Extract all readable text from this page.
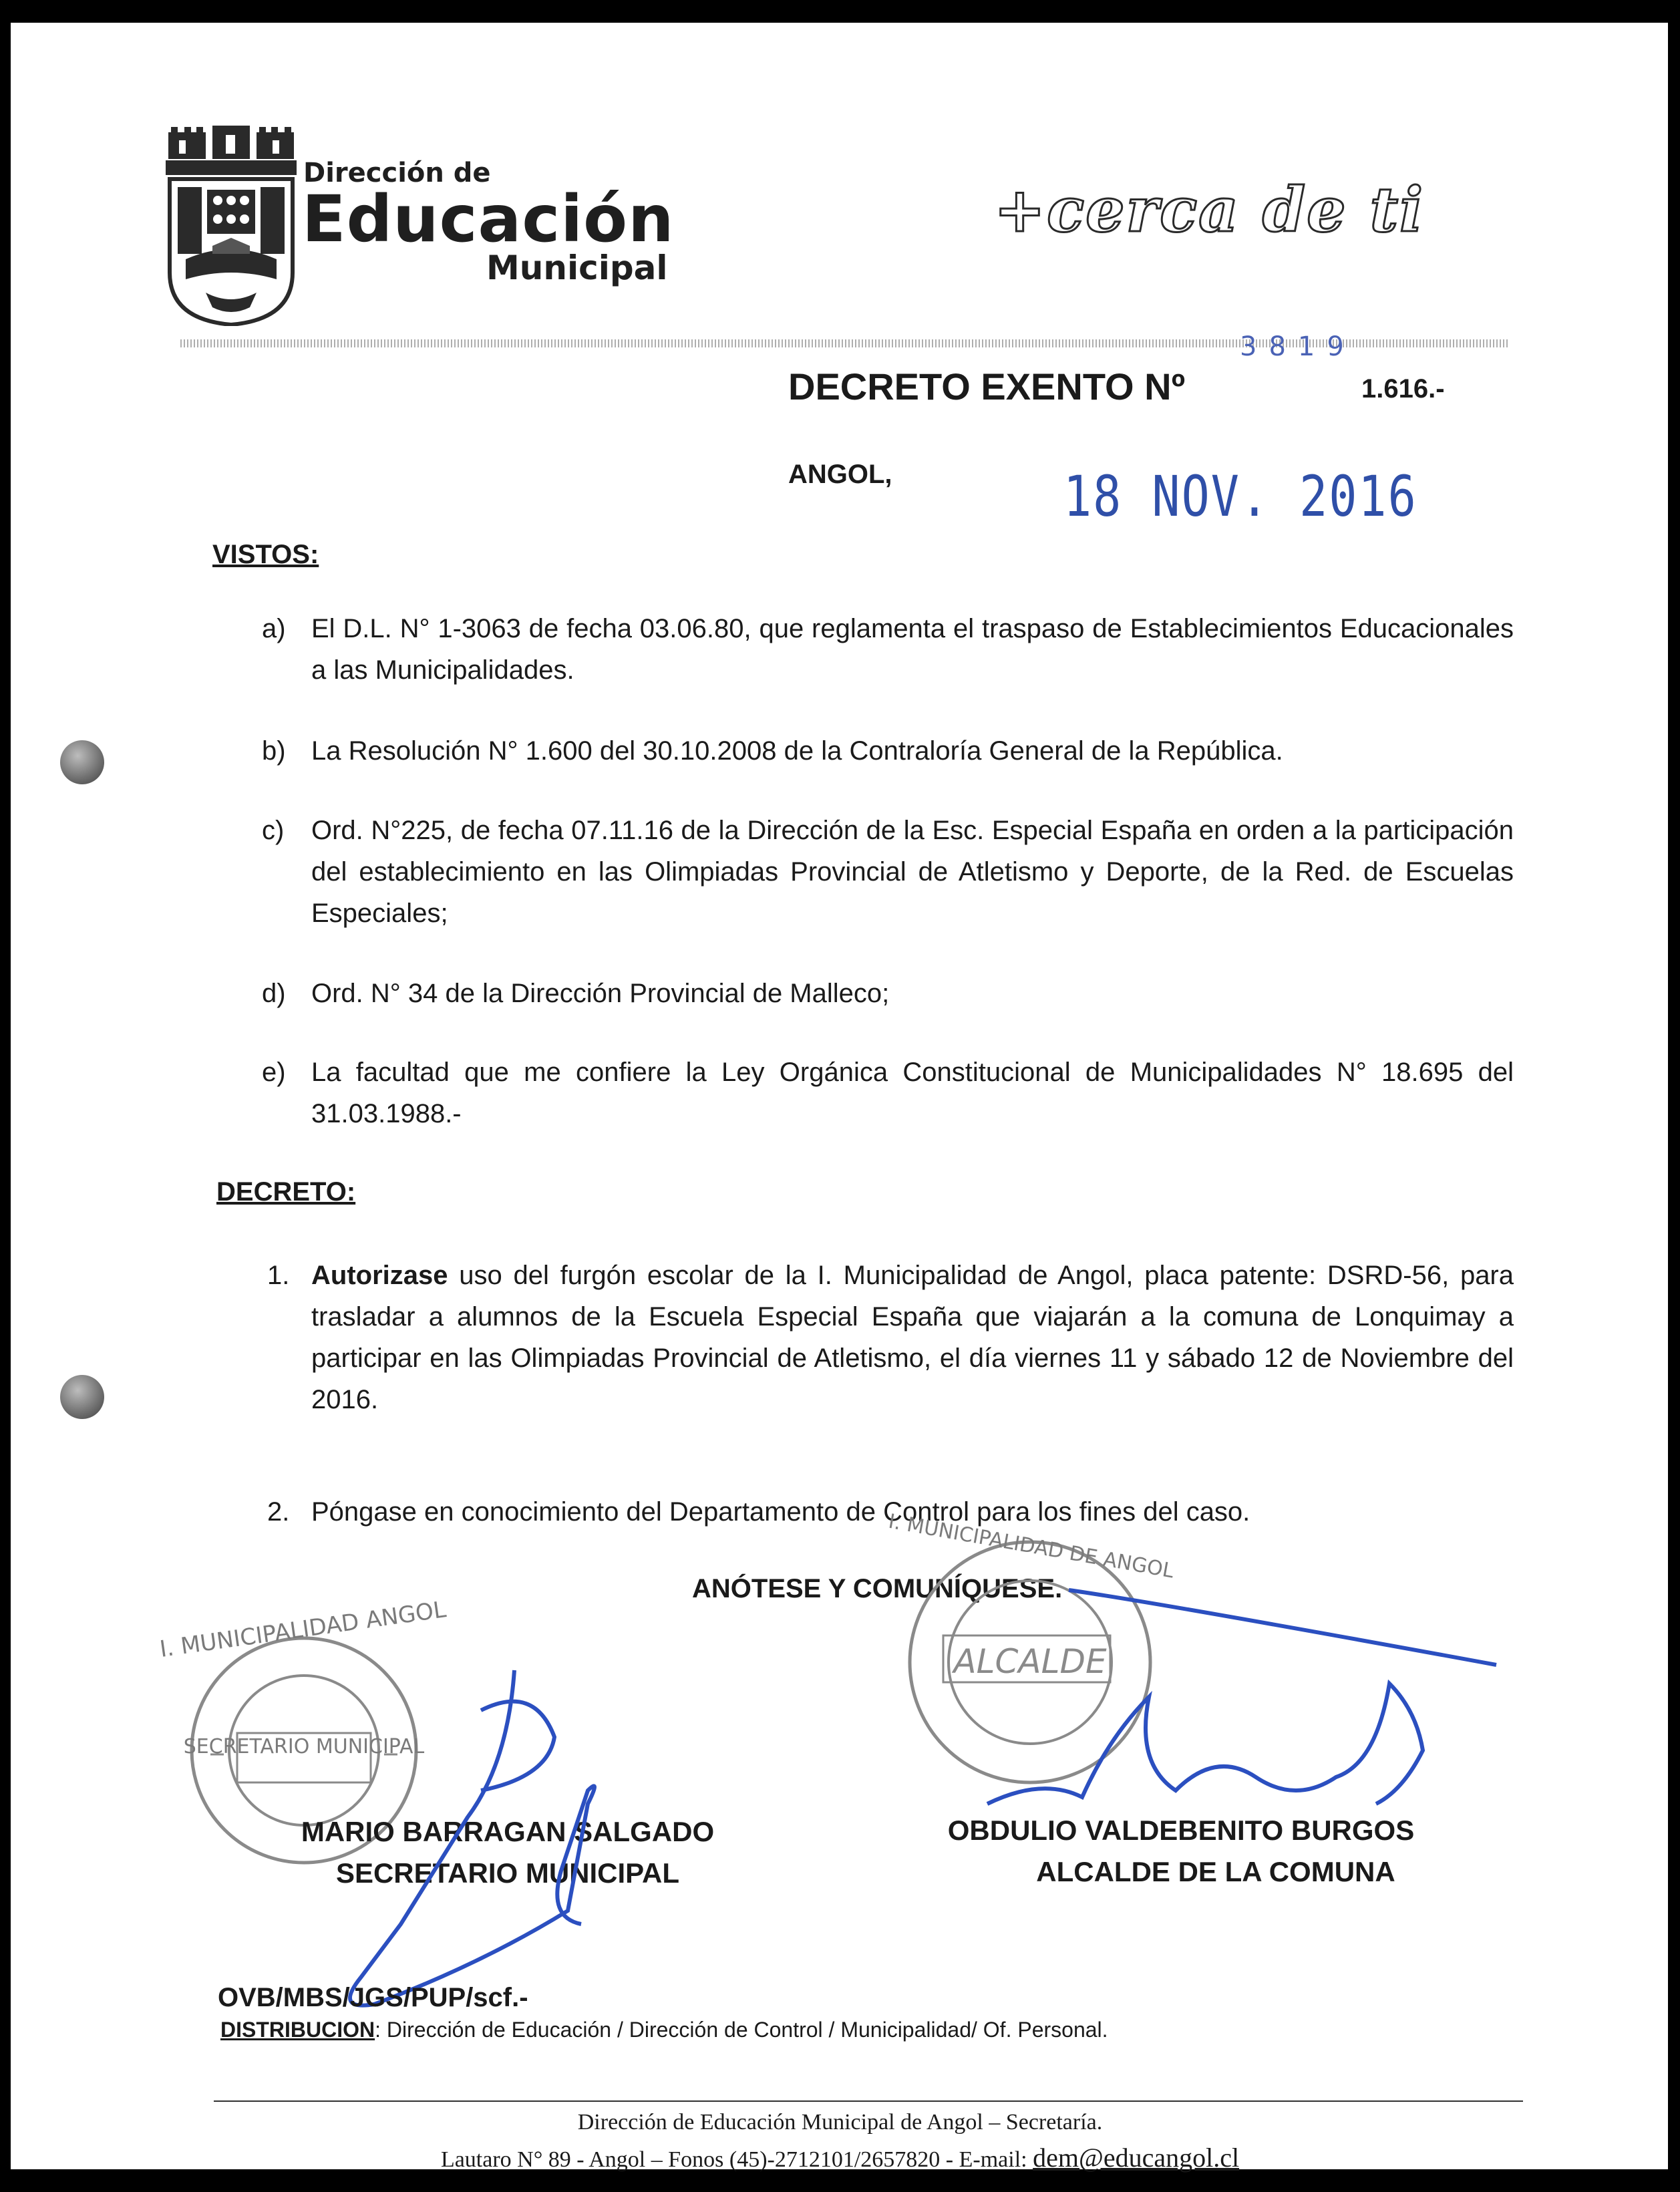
Dirección de
Educación
Municipal
+cerca de ti
3819
DECRETO EXENTO Nº	1.616.-
ANGOL,	18 NOV. 2016
VISTOS:
a) El D.L. N° 1-3063 de fecha 03.06.80, que reglamenta el traspaso de Establecimientos Educacionales a las Municipalidades.
b) La Resolución N° 1.600 del 30.10.2008 de la Contraloría General de la República.
c) Ord. N°225, de fecha 07.11.16 de la Dirección de la Esc. Especial España en orden a la participación del establecimiento en las Olimpiadas Provincial de Atletismo y Deporte, de la Red. de Escuelas Especiales;
d) Ord. N° 34 de la Dirección Provincial de Malleco;
e) La facultad que me confiere la Ley Orgánica Constitucional de Municipalidades N° 18.695 del 31.03.1988.-
DECRETO:
1. Autorizase uso del furgón escolar de la I. Municipalidad de Angol, placa patente: DSRD-56, para trasladar a alumnos de la Escuela Especial España que viajarán a la comuna de Lonquimay a participar en las Olimpiadas Provincial de Atletismo, el día viernes 11 y sábado 12 de Noviembre del 2016.
2. Póngase en conocimiento del Departamento de Control para los fines del caso.
ANÓTESE Y COMUNÍQUESE.
SECRETARIO MUNICIPAL
I. MUNICIPALIDAD ANGOL	ALCALDE
I. MUNICIPALIDAD DE ANGOL
MARIO BARRAGAN SALGADO
SECRETARIO MUNICIPAL
OBDULIO VALDEBENITO BURGOS
ALCALDE DE LA COMUNA
OVB/MBS/JGS/PUP/scf.-
DISTRIBUCION: Dirección de Educación / Dirección de Control / Municipalidad/ Of. Personal.
Dirección de Educación Municipal de Angol – Secretaría.
Lautaro N° 89 - Angol – Fonos (45)-2712101/2657820 - E-mail: dem@educangol.cl
